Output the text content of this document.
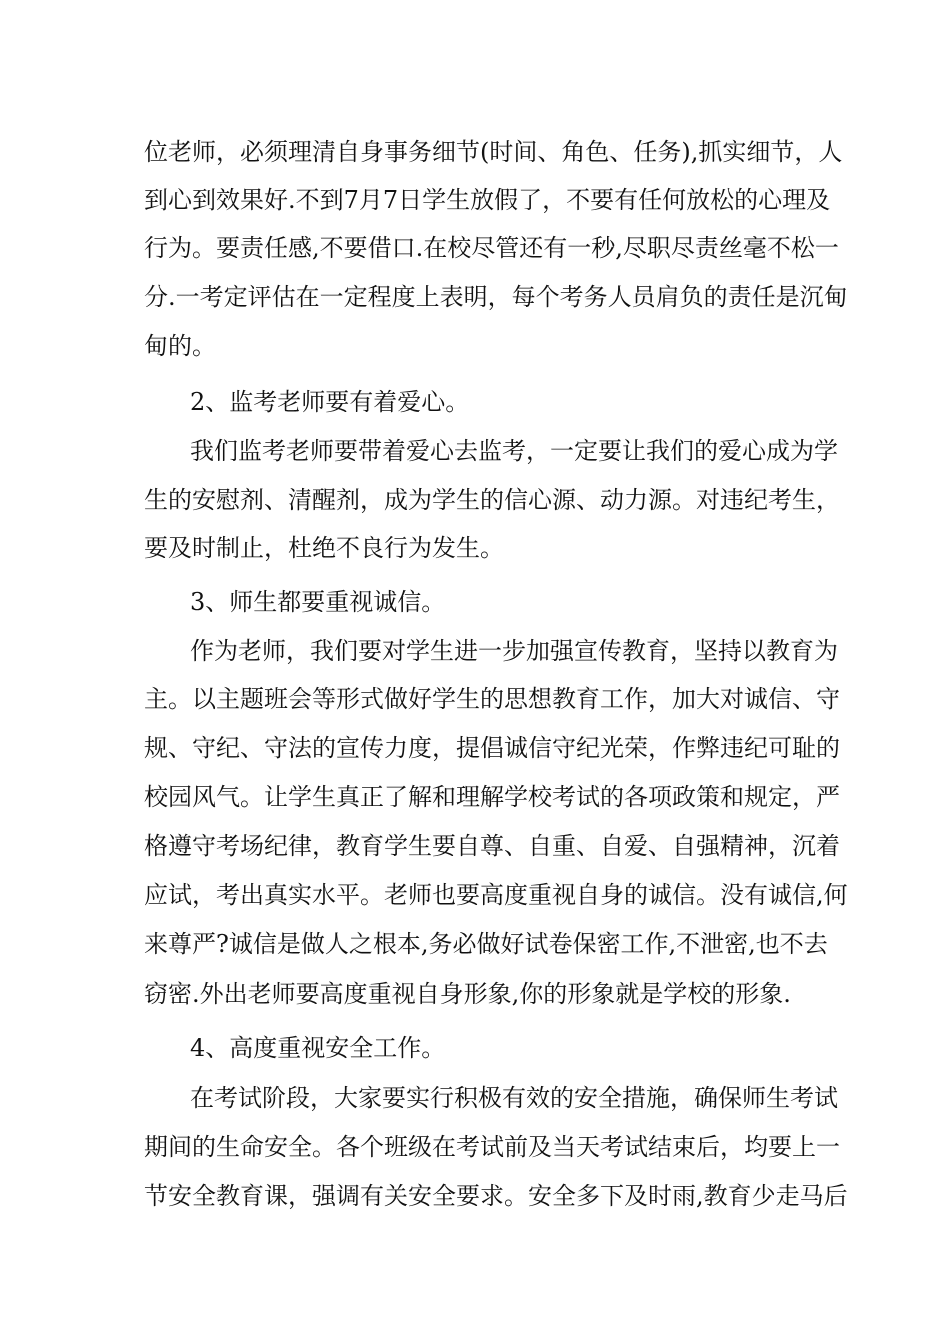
位老师，必须理清自身事务细节(时间、角色、任务),抓实细节，人
到心到效果好.不到7月7日学生放假了，不要有任何放松的心理及
行为。要责任感,不要借口.在校尽管还有一秒,尽职尽责丝毫不松一
分.一考定评估在一定程度上表明，每个考务人员肩负的责任是沉甸
甸的。
2、监考老师要有着爱心。
我们监考老师要带着爱心去监考，一定要让我们的爱心成为学
生的安慰剂、清醒剂，成为学生的信心源、动力源。对违纪考生，
要及时制止，杜绝不良行为发生。
3、师生都要重视诚信。
作为老师，我们要对学生进一步加强宣传教育，坚持以教育为
主。以主题班会等形式做好学生的思想教育工作，加大对诚信、守
规、守纪、守法的宣传力度，提倡诚信守纪光荣，作弊违纪可耻的
校园风气。让学生真正了解和理解学校考试的各项政策和规定，严
格遵守考场纪律，教育学生要自尊、自重、自爱、自强精神，沉着
应试，考出真实水平。老师也要高度重视自身的诚信。没有诚信,何
来尊严?诚信是做人之根本,务必做好试卷保密工作,不泄密,也不去
窃密.外出老师要高度重视自身形象,你的形象就是学校的形象.
4、高度重视安全工作。
在考试阶段，大家要实行积极有效的安全措施，确保师生考试
期间的生命安全。各个班级在考试前及当天考试结束后，均要上一
节安全教育课，强调有关安全要求。安全多下及时雨,教育少走马后
